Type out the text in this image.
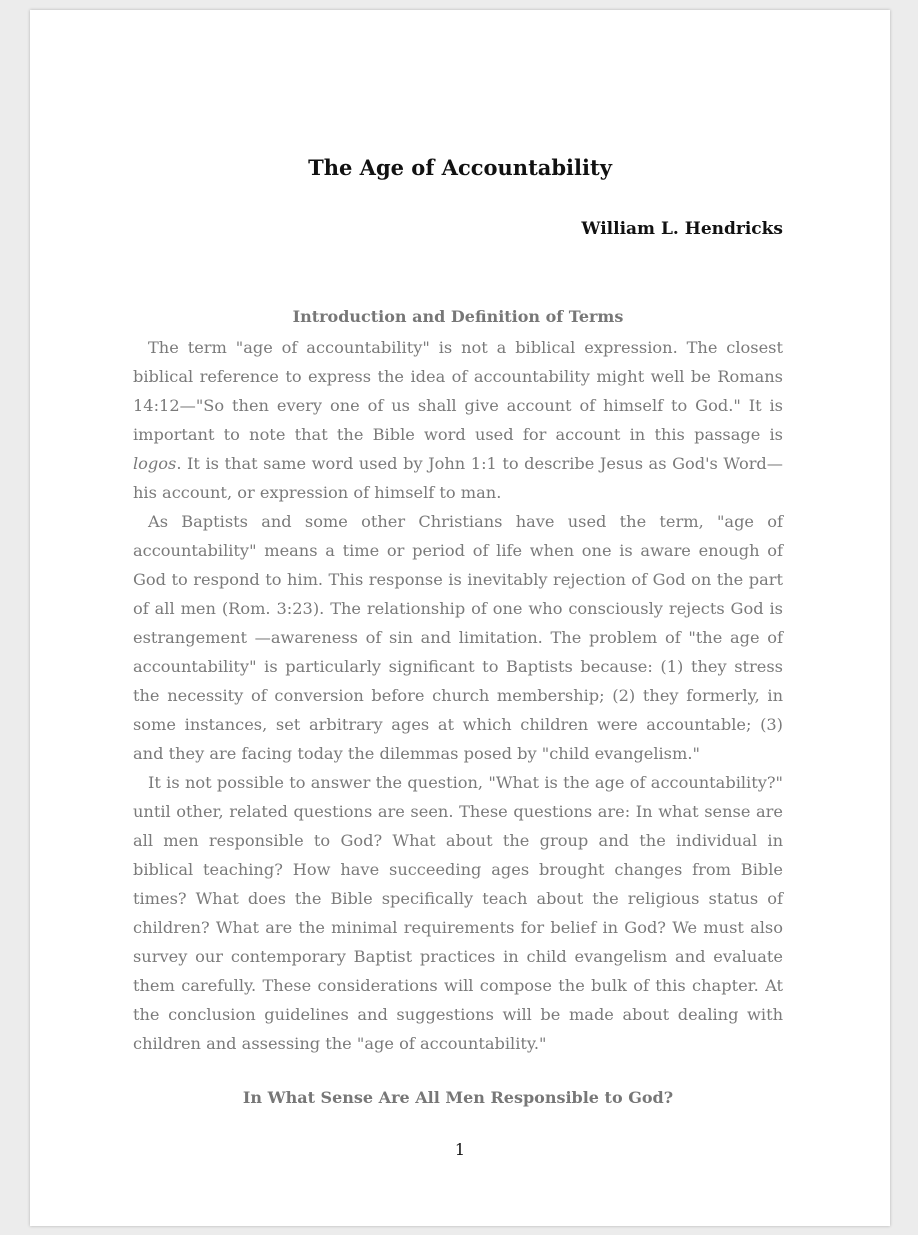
The Age of Accountability
William L. Hendricks
Introduction and Definition of Terms

The term "age of accountability" is not a biblical expression. The closest biblical reference to express the idea of accountability might well be Romans 14:12—"So then every one of us shall give account of himself to God." It is important to note that the Bible word used for account in this passage is logos. It is that same word used by John 1:1 to describe Jesus as God's Word—his account, or expression of himself to man.

As Baptists and some other Christians have used the term, "age of accountability" means a time or period of life when one is aware enough of God to respond to him. This response is inevitably rejection of God on the part of all men (Rom. 3:23). The relationship of one who consciously rejects God is estrangement —awareness of sin and limitation. The problem of "the age of accountability" is particularly significant to Baptists because: (1) they stress the necessity of conversion before church membership; (2) they formerly, in some instances, set arbitrary ages at which children were accountable; (3) and they are facing today the dilemmas posed by "child evangelism."

It is not possible to answer the question, "What is the age of accountability?" until other, related questions are seen. These questions are: In what sense are all men responsible to God? What about the group and the individual in biblical teaching? How have succeeding ages brought changes from Bible times? What does the Bible specifically teach about the religious status of children? What are the minimal requirements for belief in God? We must also survey our contemporary Baptist practices in child evangelism and evaluate them carefully. These considerations will compose the bulk of this chapter. At the conclusion guidelines and suggestions will be made about dealing with children and assessing the "age of accountability."

In What Sense Are All Men Responsible to God?
1
